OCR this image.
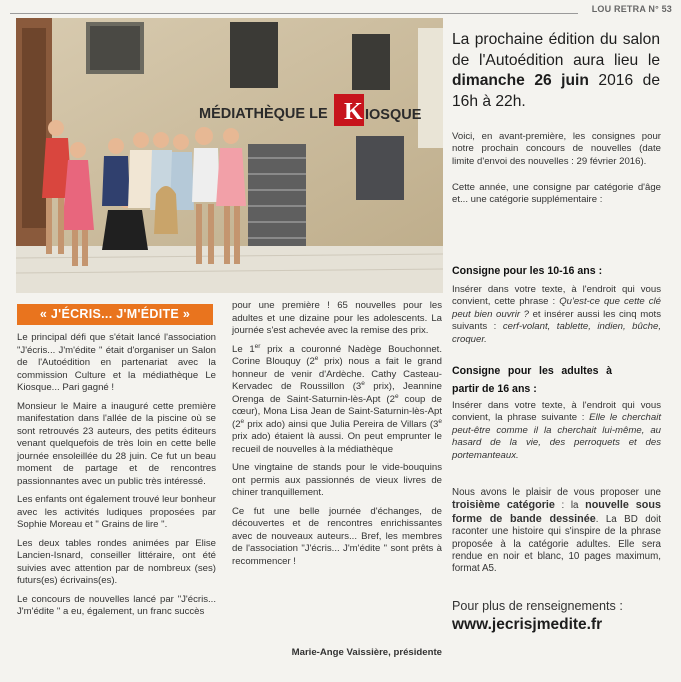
LOU RETRA N° 53
K
MÉDIATHÈQUE LE	IOSQUE
La prochaine édition du salon de l'Autoédition aura lieu le dimanche 26 juin 2016 de 16h à 22h.

Voici, en avant-première, les consignes pour notre prochain concours de nouvelles (date limite d'envoi des nouvelles : 29 février 2016).

Cette année, une consigne par catégorie d'âge et... une catégorie supplémentaire :

Consigne pour les 10-16 ans :

Insérer dans votre texte, à l'endroit qui vous convient, cette phrase : Qu'est-ce que cette clé peut bien ouvrir ? et insérer aussi les cinq mots suivants : cerf-volant, tablette, indien, bûche, croquer.

Consigne pour les adultes à partir de 16 ans :

Insérer dans votre texte, à l'endroit qui vous convient, la phrase suivante : Elle le cherchait peut-être comme il la cherchait lui-même, au hasard de la vie, des perroquets et des portemanteaux.

Nous avons le plaisir de vous proposer une troisième catégorie : la nouvelle sous forme de bande dessinée. La BD doit raconter une histoire qui s'inspire de la phrase proposée à la catégorie adultes. Elle sera rendue en noir et blanc, 10 pages maximum, format A5.

Pour plus de renseignements :
www.jecrisjmedite.fr
« J'ÉCRIS... J'M'ÉDITE »

Le principal défi que s'était lancé l'association "J'écris... J'm'édite " était d'organiser un Salon de l'Autoédition en partenariat avec la commission Culture et la médiathèque Le Kiosque... Pari gagné !

Monsieur le Maire a inauguré cette première manifestation dans l'allée de la piscine où se sont retrouvés 23 auteurs, des petits éditeurs venant quelquefois de très loin en cette belle journée ensoleillée du 28 juin. Ce fut un beau moment de partage et de rencontres passionnantes avec un public très intéressé.

Les enfants ont également trouvé leur bonheur avec les activités ludiques proposées par Sophie Moreau et " Grains de lire ".

Les deux tables rondes animées par Elise Lancien-Isnard, conseiller littéraire, ont été suivies avec attention par de nombreux (ses) futurs(es) écrivains(es).

Le concours de nouvelles lancé par "J'écris... J'm'édite " a eu, également, un franc succès

pour une première ! 65 nouvelles pour les adultes et une dizaine pour les adolescents. La journée s'est achevée avec la remise des prix.

Le 1er prix a couronné Nadège Bouchonnet. Corine Blouquy (2e prix) nous a fait le grand honneur de venir d'Ardèche. Cathy Casteau-Kervadec de Roussillon (3e prix), Jeannine Orenga de Saint-Saturnin-lès-Apt (2e coup de cœur), Mona Lisa Jean de Saint-Saturnin-lès-Apt (2e prix ado) ainsi que Julia Pereira de Villars (3e prix ado) étaient là aussi. On peut emprunter le recueil de nouvelles à la médiathèque

Une vingtaine de stands pour le vide-bouquins ont permis aux passionnés de vieux livres de chiner tranquillement.

Ce fut une belle journée d'échanges, de découvertes et de rencontres enrichissantes avec de nouveaux auteurs... Bref, les membres de l'association "J'écris... J'm'édite " sont prêts à recommencer !

Marie-Ange Vaissière, présidente
